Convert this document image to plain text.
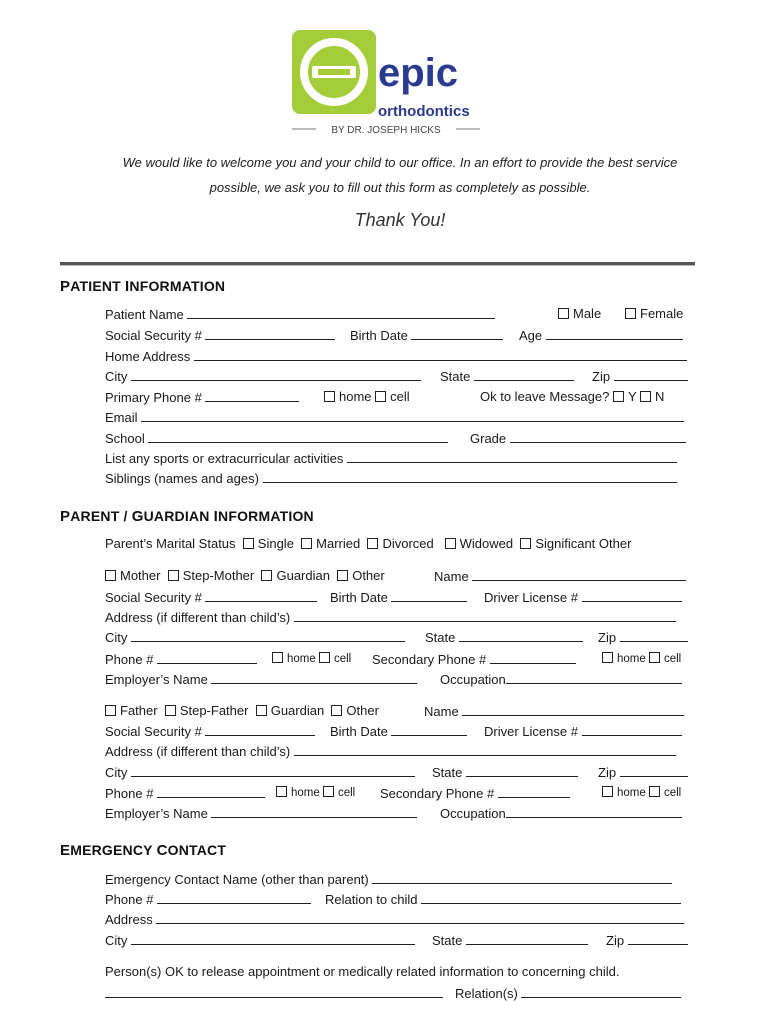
epic
orthodontics
BY DR. JOSEPH HICKS
We would like to welcome you and your child to our office. In an effort to provide the best service
possible, we ask you to fill out this form as completely as possible.
Thank You!
PATIENT INFORMATION
Patient Name	Male	Female
Social Security #	Birth Date	Age
Home Address
City	State	Zip
Primary Phone #	home cell	Ok to leave Message? Y N
Email
School	Grade
List any sports or extracurricular activities
Siblings (names and ages)
PARENT / GUARDIAN INFORMATION
Parent’s Marital Status Single Married Divorced Widowed Significant Other
Mother Step-Mother Guardian Other	Name
Social Security #	Birth Date	Driver License #
Address (if different than child’s)
City	State	Zip
Phone #	home cell Secondary Phone #	home cell
Employer’s Name	Occupation
Father Step-Father Guardian Other	Name
Social Security #	Birth Date	Driver License #
Address (if different than child’s)
City	State	Zip
Phone #	home cell Secondary Phone #	home cell
Employer’s Name	Occupation
EMERGENCY CONTACT
Emergency Contact Name (other than parent)
Phone #	Relation to child
Address
City	State	Zip
Person(s) OK to release appointment or medically related information to concerning child.
Relation(s)
